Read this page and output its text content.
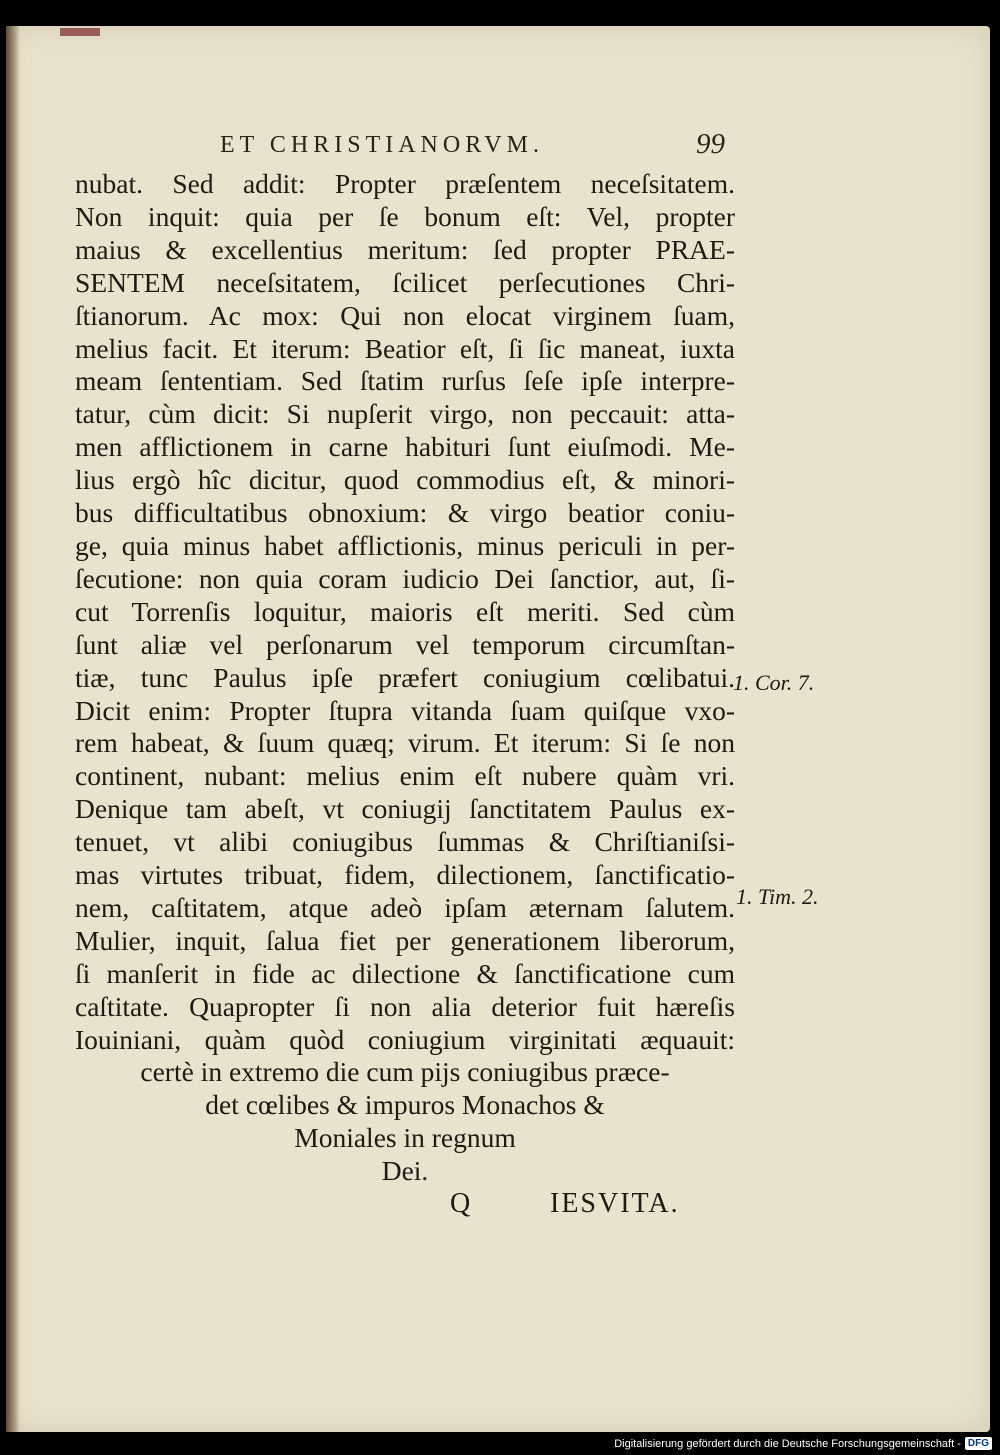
ET CHRISTIANORVM.	99
nubat. Sed addit: Propter præſentem neceſsitatem.
Non inquit: quia per ſe bonum eſt: Vel, propter
maius & excellentius meritum: ſed propter PRAE-
SENTEM neceſsitatem, ſcilicet perſecutiones Chri-
ſtianorum. Ac mox: Qui non elocat virginem ſuam,
melius facit. Et iterum: Beatior eſt, ſi ſic maneat, iuxta
meam ſententiam. Sed ſtatim rurſus ſeſe ipſe interpre-
tatur, cùm dicit: Si nupſerit virgo, non peccauit: atta-
men afflictionem in carne habituri ſunt eiuſmodi. Me-
lius ergò hîc dicitur, quod commodius eſt, & minori-
bus difficultatibus obnoxium: & virgo beatior coniu-
ge, quia minus habet afflictionis, minus periculi in per-
ſecutione: non quia coram iudicio Dei ſanctior, aut, ſi-
cut Torrenſis loquitur, maioris eſt meriti. Sed cùm
ſunt aliæ vel perſonarum vel temporum circumſtan-
tiæ, tunc Paulus ipſe præfert coniugium cœlibatui.
Dicit enim: Propter ſtupra vitanda ſuam quiſque vxo-
rem habeat, & ſuum quæq; virum. Et iterum: Si ſe non
continent, nubant: melius enim eſt nubere quàm vri.
Denique tam abeſt, vt coniugij ſanctitatem Paulus ex-
tenuet, vt alibi coniugibus ſummas & Chriſtianiſsi-
mas virtutes tribuat, fidem, dilectionem, ſanctificatio-
nem, caſtitatem, atque adeò ipſam æternam ſalutem.
Mulier, inquit, ſalua fiet per generationem liberorum,
ſi manſerit in fide ac dilectione & ſanctificatione cum
caſtitate. Quapropter ſi non alia deterior fuit hæreſis
Iouiniani, quàm quòd coniugium virginitati æquauit:
certè in extremo die cum pijs coniugibus præce-
det cœlibes & impuros Monachos &
Moniales in regnum
Dei.
1. Cor. 7.
1. Tim. 2.
Q	IESVITA.
Digitalisierung gefördert durch die Deutsche Forschungsgemeinschaft - DFG
